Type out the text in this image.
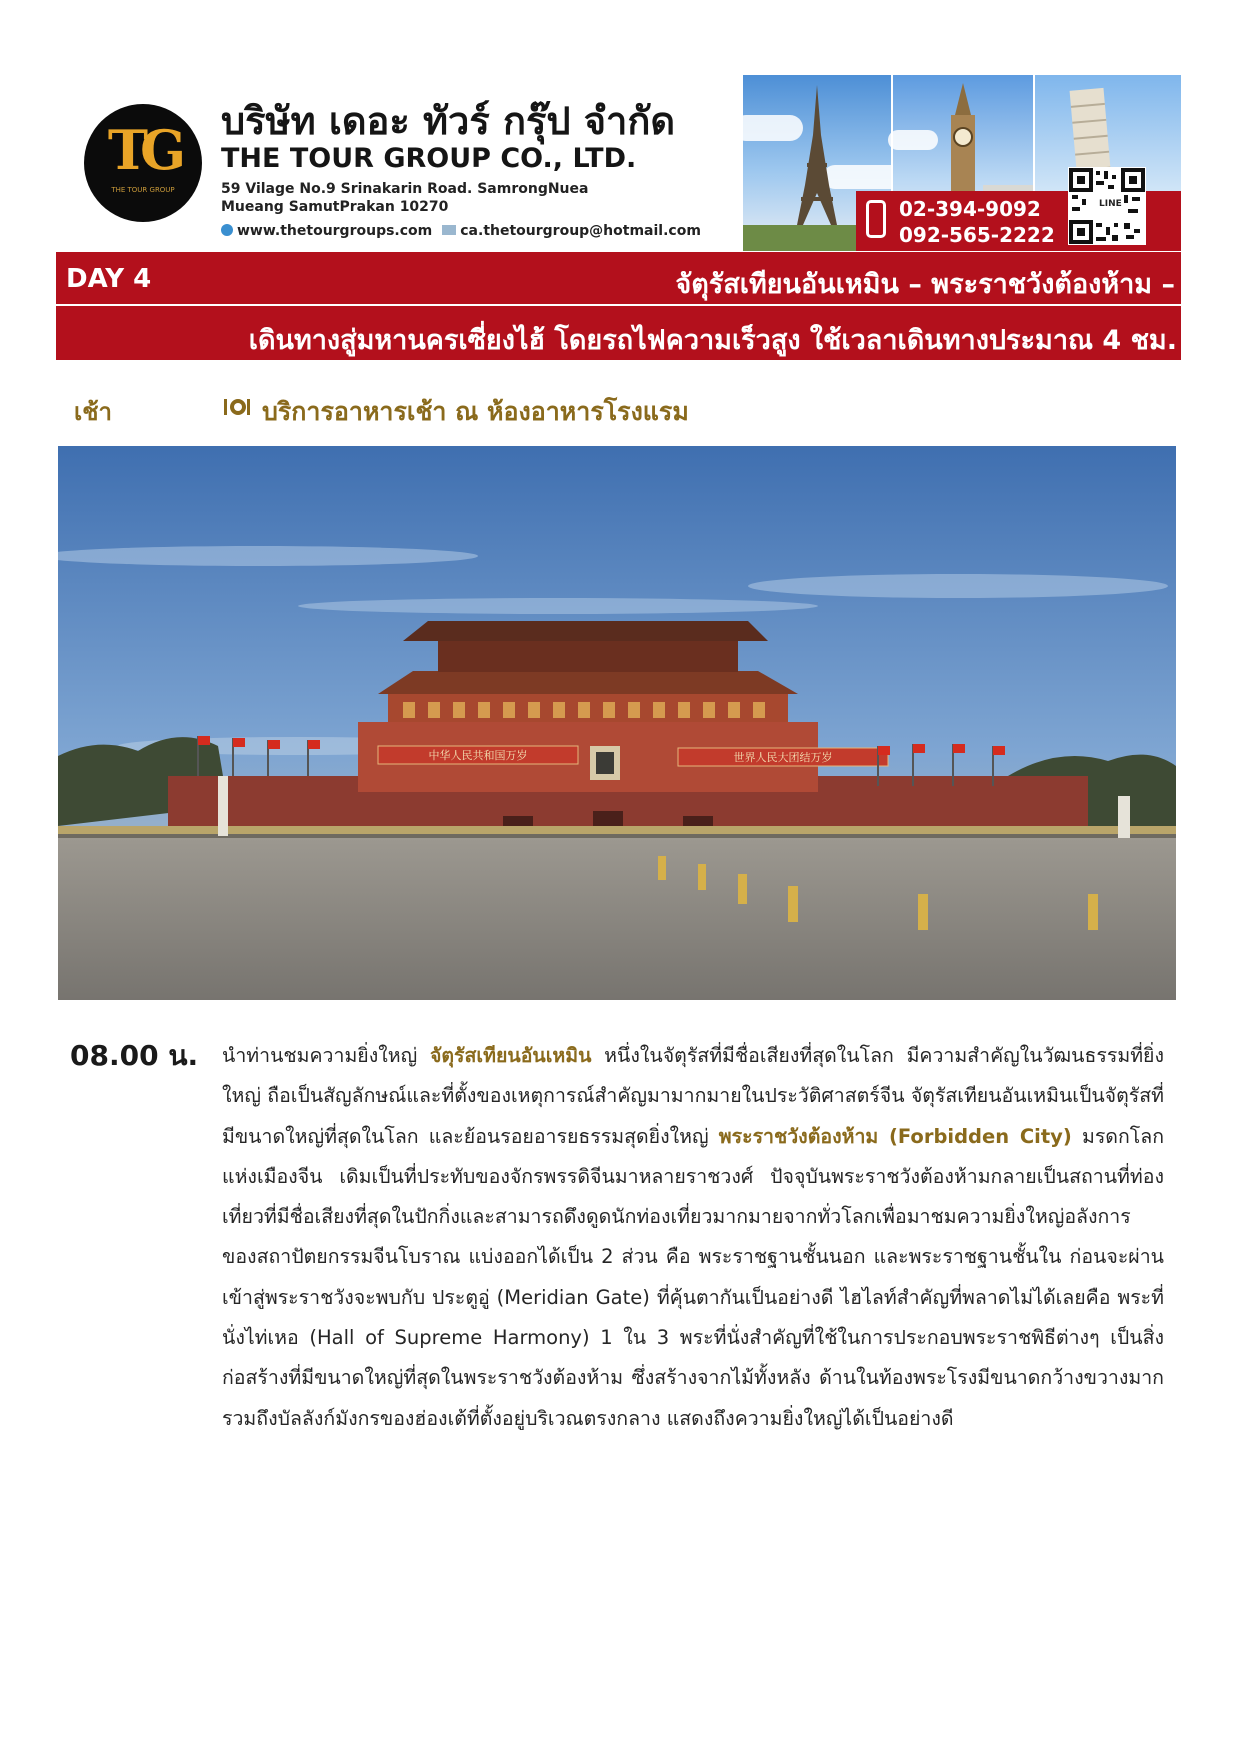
TG
THE TOUR GROUP
บริษัท เดอะ ทัวร์ กรุ๊ป จำกัด
THE TOUR GROUP CO., LTD.
59 Vilage No.9 Srinakarin Road. SamrongNuea
Mueang SamutPrakan 10270
www.thetourgroups.com ca.thetourgroup@hotmail.com
02-394-9092
092-565-2222
LINE
DAY 4	จัตุรัสเทียนอันเหมิน – พระราชวังต้องห้าม –
เดินทางสู่มหานครเซี่ยงไฮ้ โดยรถไฟความเร็วสูง ใช้เวลาเดินทางประมาณ 4 ชม.
เช้า	บริการอาหารเช้า ณ ห้องอาหารโรงแรม
中华人民共和国万岁	世界人民大团结万岁
08.00 น. นำท่านชมความยิ่งใหญ่ จัตุรัสเทียนอันเหมิน หนึ่งในจัตุรัสที่มีชื่อเสียงที่สุดในโลก มีความสำคัญในวัฒนธรรมที่ยิ่งใหญ่ ถือเป็นสัญลักษณ์และที่ตั้งของเหตุการณ์สำคัญมามากมายในประวัติศาสตร์จีน จัตุรัสเทียนอันเหมินเป็นจัตุรัสที่มีขนาดใหญ่ที่สุดในโลก และย้อนรอยอารยธรรมสุดยิ่งใหญ่ พระราชวังต้องห้าม (Forbidden City) มรดกโลกแห่งเมืองจีน เดิมเป็นที่ประทับของจักรพรรดิจีนมาหลายราชวงศ์ ปัจจุบันพระราชวังต้องห้ามกลายเป็นสถานที่ท่องเที่ยวที่มีชื่อเสียงที่สุดในปักกิ่งและสามารถดึงดูดนักท่องเที่ยวมากมายจากทั่วโลกเพื่อมาชมความยิ่งใหญ่อลังการของสถาปัตยกรรมจีนโบราณ แบ่งออกได้เป็น 2 ส่วน คือ พระราชฐานชั้นนอก และพระราชฐานชั้นใน ก่อนจะผ่านเข้าสู่พระราชวังจะพบกับ ประตูอู่ (Meridian Gate) ที่คุ้นตากันเป็นอย่างดี ไฮไลท์สำคัญที่พลาดไม่ได้เลยคือ พระที่นั่งไท่เหอ (Hall of Supreme Harmony) 1 ใน 3 พระที่นั่งสำคัญที่ใช้ในการประกอบพระราชพิธีต่างๆ เป็นสิ่งก่อสร้างที่มีขนาดใหญ่ที่สุดในพระราชวังต้องห้าม ซึ่งสร้างจากไม้ทั้งหลัง ด้านในท้องพระโรงมีขนาดกว้างขวางมาก รวมถึงบัลลังก์มังกรของฮ่องเต้ที่ตั้งอยู่บริเวณตรงกลาง แสดงถึงความยิ่งใหญ่ได้เป็นอย่างดี
